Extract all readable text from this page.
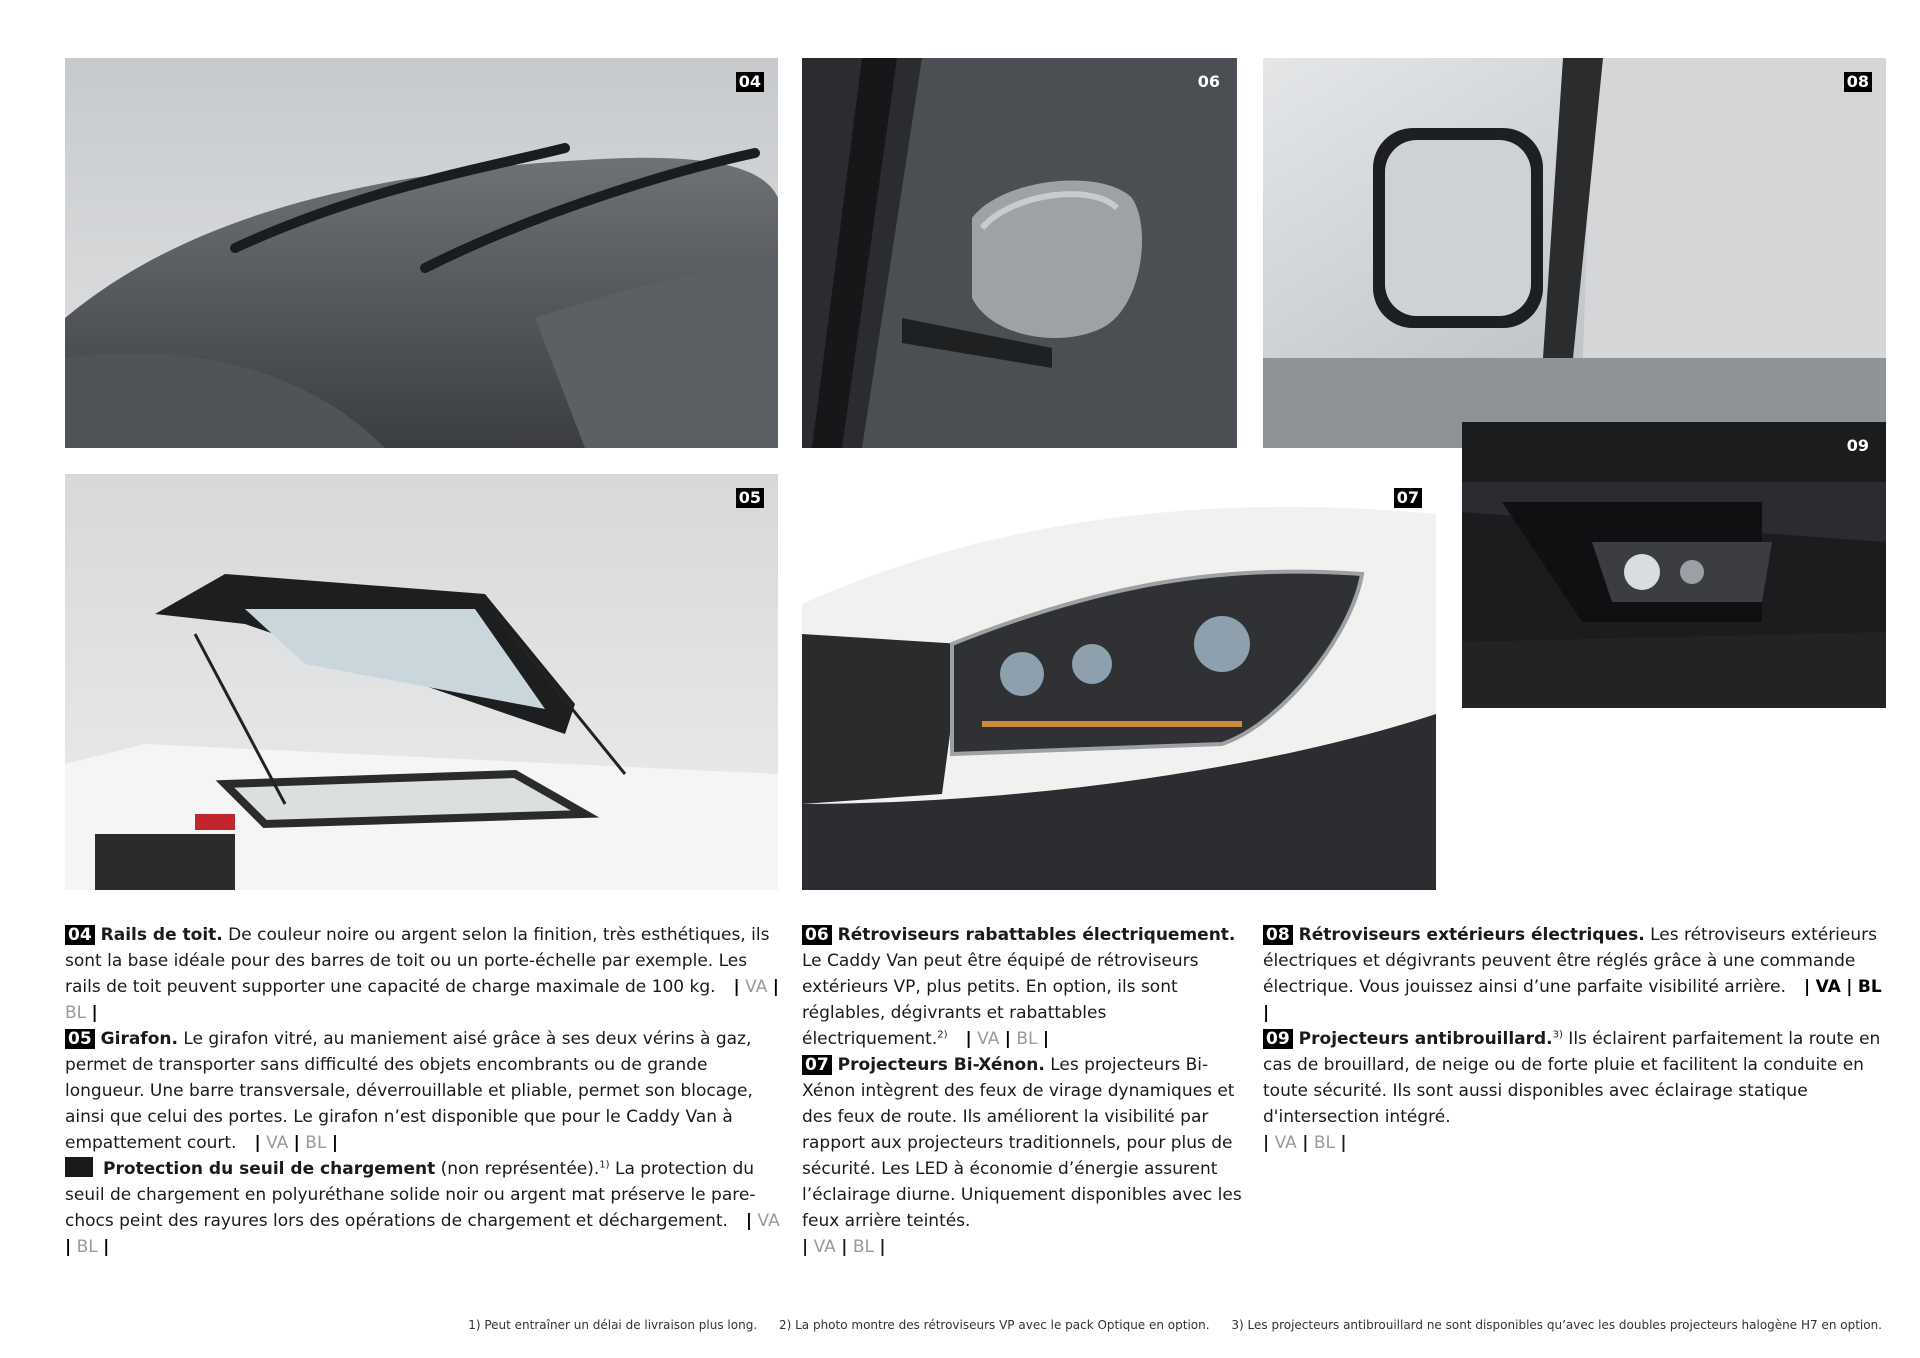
04	06	08
05	07
09

04 Rails de toit. De couleur noire ou argent selon la finition, très esthétiques, ils sont la base idéale pour des barres de toit ou un porte-échelle par exemple. Les rails de toit peuvent supporter une capacité de charge maximale de 100 kg. | VA | BL |

05 Girafon. Le girafon vitré, au maniement aisé grâce à ses deux vérins à gaz, permet de transporter sans difficulté des objets encombrants ou de grande longueur. Une barre transversale, déverrouillable et pliable, permet son blocage, ainsi que celui des portes. Le girafon n’est disponible que pour le Caddy Van à empattement court. | VA | BL |

Protection du seuil de chargement (non représentée).$^{1)}$ La protection du seuil de chargement en polyuréthane solide noir ou argent mat préserve le pare-chocs peint des rayures lors des opérations de chargement et déchargement. | VA | BL |

06 Rétroviseurs rabattables électriquement. Le Caddy Van peut être équipé de rétroviseurs extérieurs VP, plus petits. En option, ils sont réglables, dégivrants et rabattables électriquement.$^{2)}$ | VA | BL |

07 Projecteurs Bi-Xénon. Les projecteurs Bi-Xénon intègrent des feux de virage dynamiques et des feux de route. Ils améliorent la visibilité par rapport aux projecteurs traditionnels, pour plus de sécurité. Les LED à économie d’énergie assurent l’éclairage diurne. Uniquement disponibles avec les feux arrière teintés.

| VA | BL |

08 Rétroviseurs extérieurs électriques. Les rétroviseurs extérieurs électriques et dégivrants peuvent être réglés grâce à une commande électrique. Vous jouissez ainsi d’une parfaite visibilité arrière. | VA | BL |

09 Projecteurs antibrouillard.$^{3)}$ Ils éclairent parfaitement la route en cas de brouillard, de neige ou de forte pluie et facilitent la conduite en toute sécurité. Ils sont aussi disponibles avec éclairage statique d'intersection intégré.

| VA | BL |

1) Peut entraîner un délai de livraison plus long. 2) La photo montre des rétroviseurs VP avec le pack Optique en option. 3) Les projecteurs antibrouillard ne sont disponibles qu’avec les doubles projecteurs halogène H7 en option.
